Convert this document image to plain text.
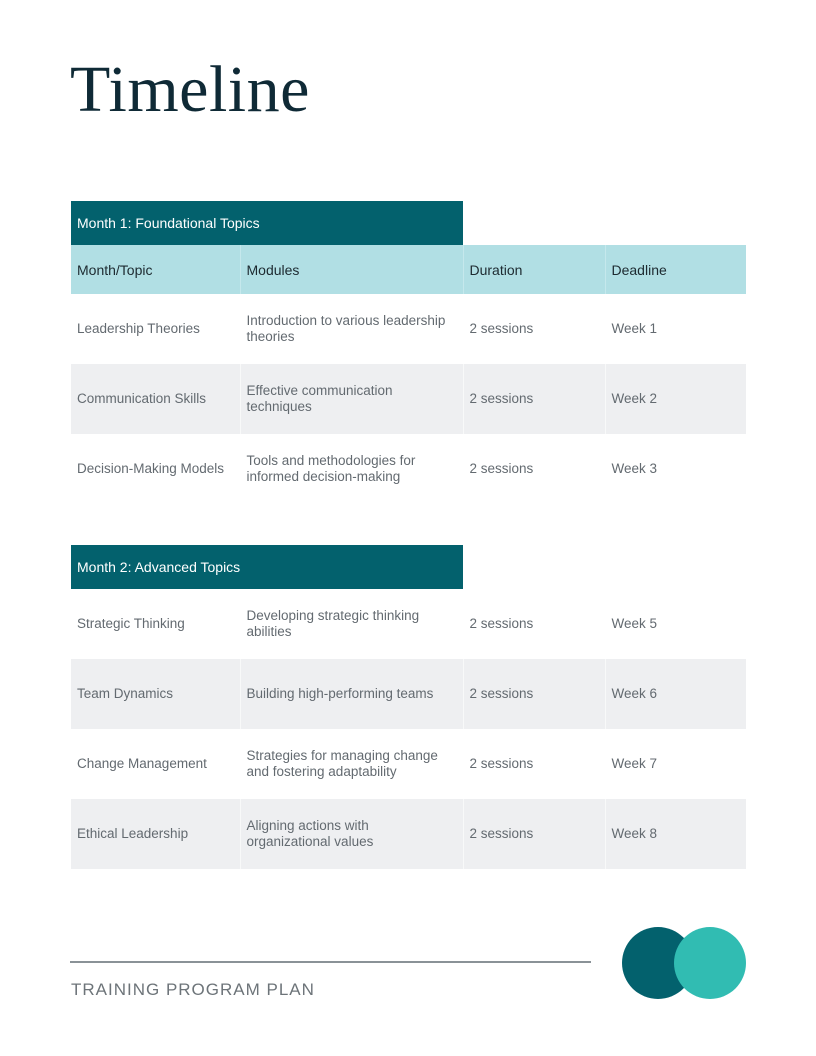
Timeline
Month 1: Foundational Topics
Month/Topic	Modules	Duration	Deadline
Leadership Theories	Introduction to various leadership theories	2 sessions	Week 1
Communication Skills	Effective communication techniques	2 sessions	Week 2
Decision-Making Models	Tools and methodologies for informed decision-making	2 sessions	Week 3
Month 2: Advanced Topics
Strategic Thinking	Developing strategic thinking abilities	2 sessions	Week 5
Team Dynamics	Building high-performing teams	2 sessions	Week 6
Change Management	Strategies for managing change and fostering adaptability	2 sessions	Week 7
Ethical Leadership	Aligning actions with organizational values	2 sessions	Week 8
TRAINING PROGRAM PLAN
